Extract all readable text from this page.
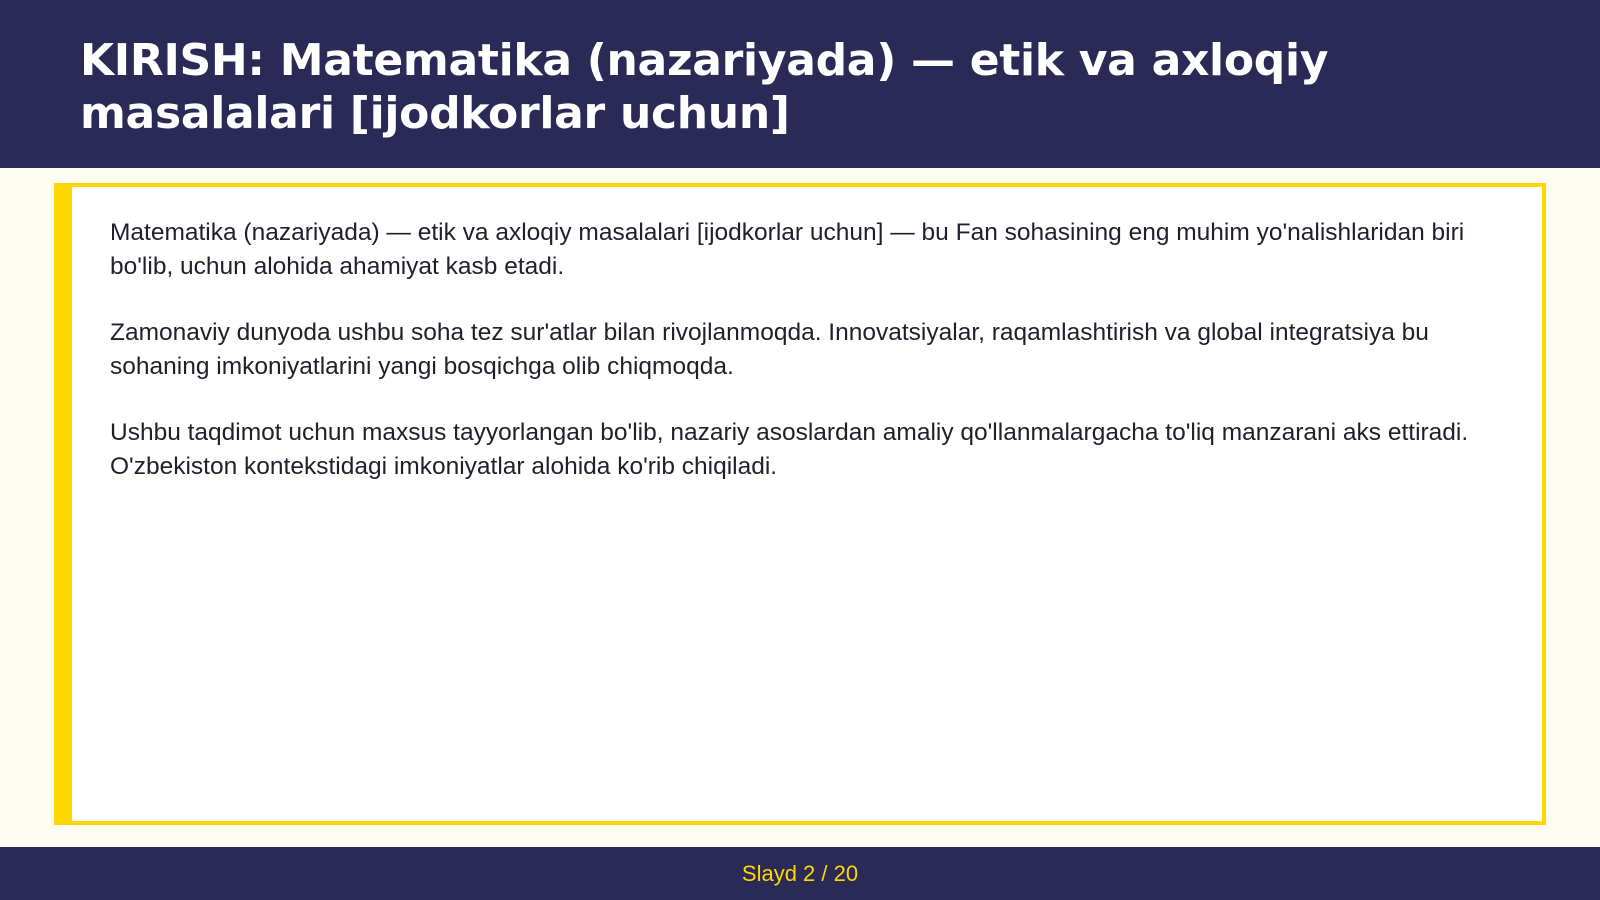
KIRISH: Matematika (nazariyada) — etik va axloqiy masalalari [ijodkorlar uchun]

Matematika (nazariyada) — etik va axloqiy masalalari [ijodkorlar uchun] — bu Fan sohasining eng muhim yo'nalishlaridan biri bo'lib, uchun alohida ahamiyat kasb etadi.

Zamonaviy dunyoda ushbu soha tez sur'atlar bilan rivojlanmoqda. Innovatsiyalar, raqamlashtirish va global integratsiya bu sohaning imkoniyatlarini yangi bosqichga olib chiqmoqda.

Ushbu taqdimot uchun maxsus tayyorlangan bo'lib, nazariy asoslardan amaliy qo'llanmalargacha to'liq manzarani aks ettiradi. O'zbekiston kontekstidagi imkoniyatlar alohida ko'rib chiqiladi.

Slayd 2 / 20
